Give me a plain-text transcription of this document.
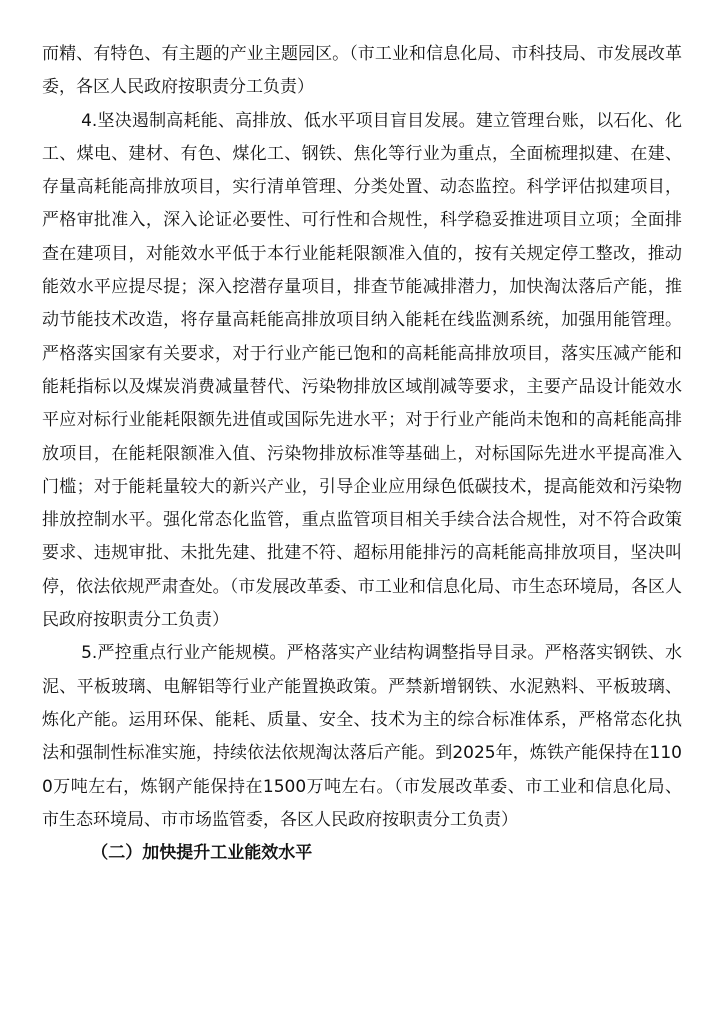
而精、有特色、有主题的产业主题园区。（市工业和信息化局、市科技局、市发展改革委，各区人民政府按职责分工负责）

4.坚决遏制高耗能、高排放、低水平项目盲目发展。建立管理台账，以石化、化工、煤电、建材、有色、煤化工、钢铁、焦化等行业为重点，全面梳理拟建、在建、存量高耗能高排放项目，实行清单管理、分类处置、动态监控。科学评估拟建项目，严格审批准入，深入论证必要性、可行性和合规性，科学稳妥推进项目立项；全面排查在建项目，对能效水平低于本行业能耗限额准入值的，按有关规定停工整改，推动能效水平应提尽提；深入挖潜存量项目，排查节能减排潜力，加快淘汰落后产能，推动节能技术改造，将存量高耗能高排放项目纳入能耗在线监测系统，加强用能管理。严格落实国家有关要求，对于行业产能已饱和的高耗能高排放项目，落实压减产能和能耗指标以及煤炭消费减量替代、污染物排放区域削减等要求，主要产品设计能效水平应对标行业能耗限额先进值或国际先进水平；对于行业产能尚未饱和的高耗能高排放项目，在能耗限额准入值、污染物排放标准等基础上，对标国际先进水平提高准入门槛；对于能耗量较大的新兴产业，引导企业应用绿色低碳技术，提高能效和污染物排放控制水平。强化常态化监管，重点监管项目相关手续合法合规性，对不符合政策要求、违规审批、未批先建、批建不符、超标用能排污的高耗能高排放项目，坚决叫停，依法依规严肃查处。（市发展改革委、市工业和信息化局、市生态环境局，各区人民政府按职责分工负责）

5.严控重点行业产能规模。严格落实产业结构调整指导目录。严格落实钢铁、水泥、平板玻璃、电解铝等行业产能置换政策。严禁新增钢铁、水泥熟料、平板玻璃、炼化产能。运用环保、能耗、质量、安全、技术为主的综合标准体系，严格常态化执法和强制性标准实施，持续依法依规淘汰落后产能。到2025年，炼铁产能保持在1100万吨左右，炼钢产能保持在1500万吨左右。（市发展改革委、市工业和信息化局、市生态环境局、市市场监管委，各区人民政府按职责分工负责）

（二）加快提升工业能效水平
